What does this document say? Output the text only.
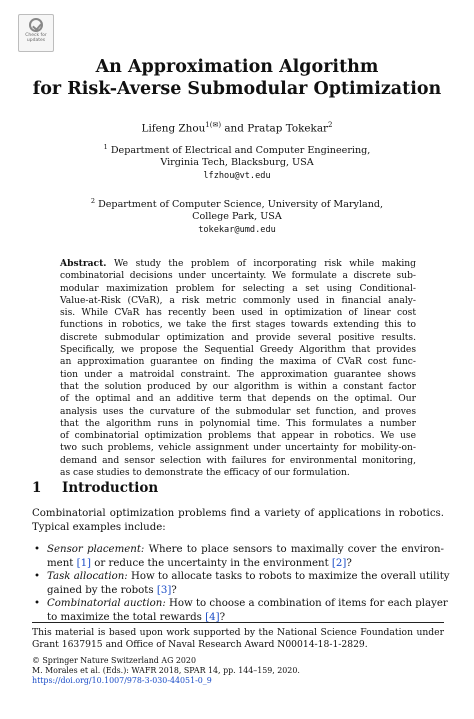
Check for
updates
An Approximation Algorithm
for Risk-Averse Submodular Optimization
Lifeng Zhou$^{1(✉)}$ and Pratap Tokekar$^2$
$^1$ Department of Electrical and Computer Engineering,
Virginia Tech, Blacksburg, USA
lfzhou@vt.edu
$^2$ Department of Computer Science, University of Maryland,
College Park, USA
tokekar@umd.edu
Abstract. We study the problem of incorporating risk while making
combinatorial decisions under uncertainty. We formulate a discrete sub-
modular maximization problem for selecting a set using Conditional-
Value-at-Risk (CVaR), a risk metric commonly used in financial analy-
sis. While CVaR has recently been used in optimization of linear cost
functions in robotics, we take the first stages towards extending this to
discrete submodular optimization and provide several positive results.
Specifically, we propose the Sequential Greedy Algorithm that provides
an approximation guarantee on finding the maxima of CVaR cost func-
tion under a matroidal constraint. The approximation guarantee shows
that the solution produced by our algorithm is within a constant factor
of the optimal and an additive term that depends on the optimal. Our
analysis uses the curvature of the submodular set function, and proves
that the algorithm runs in polynomial time. This formulates a number
of combinatorial optimization problems that appear in robotics. We use
two such problems, vehicle assignment under uncertainty for mobility-on-
demand and sensor selection with failures for environmental monitoring,
as case studies to demonstrate the efficacy of our formulation.
1 Introduction
Combinatorial optimization problems find a variety of applications in robotics.
Typical examples include:
• Sensor placement: Where to place sensors to maximally cover the environ-
ment [1] or reduce the uncertainty in the environment [2]?
• Task allocation: How to allocate tasks to robots to maximize the overall utility
gained by the robots [3]?
• Combinatorial auction: How to choose a combination of items for each player
to maximize the total rewards [4]?
This material is based upon work supported by the National Science Foundation under
Grant 1637915 and Office of Naval Research Award N00014-18-1-2829.
© Springer Nature Switzerland AG 2020
M. Morales et al. (Eds.): WAFR 2018, SPAR 14, pp. 144–159, 2020.
https://doi.org/10.1007/978-3-030-44051-0_9
